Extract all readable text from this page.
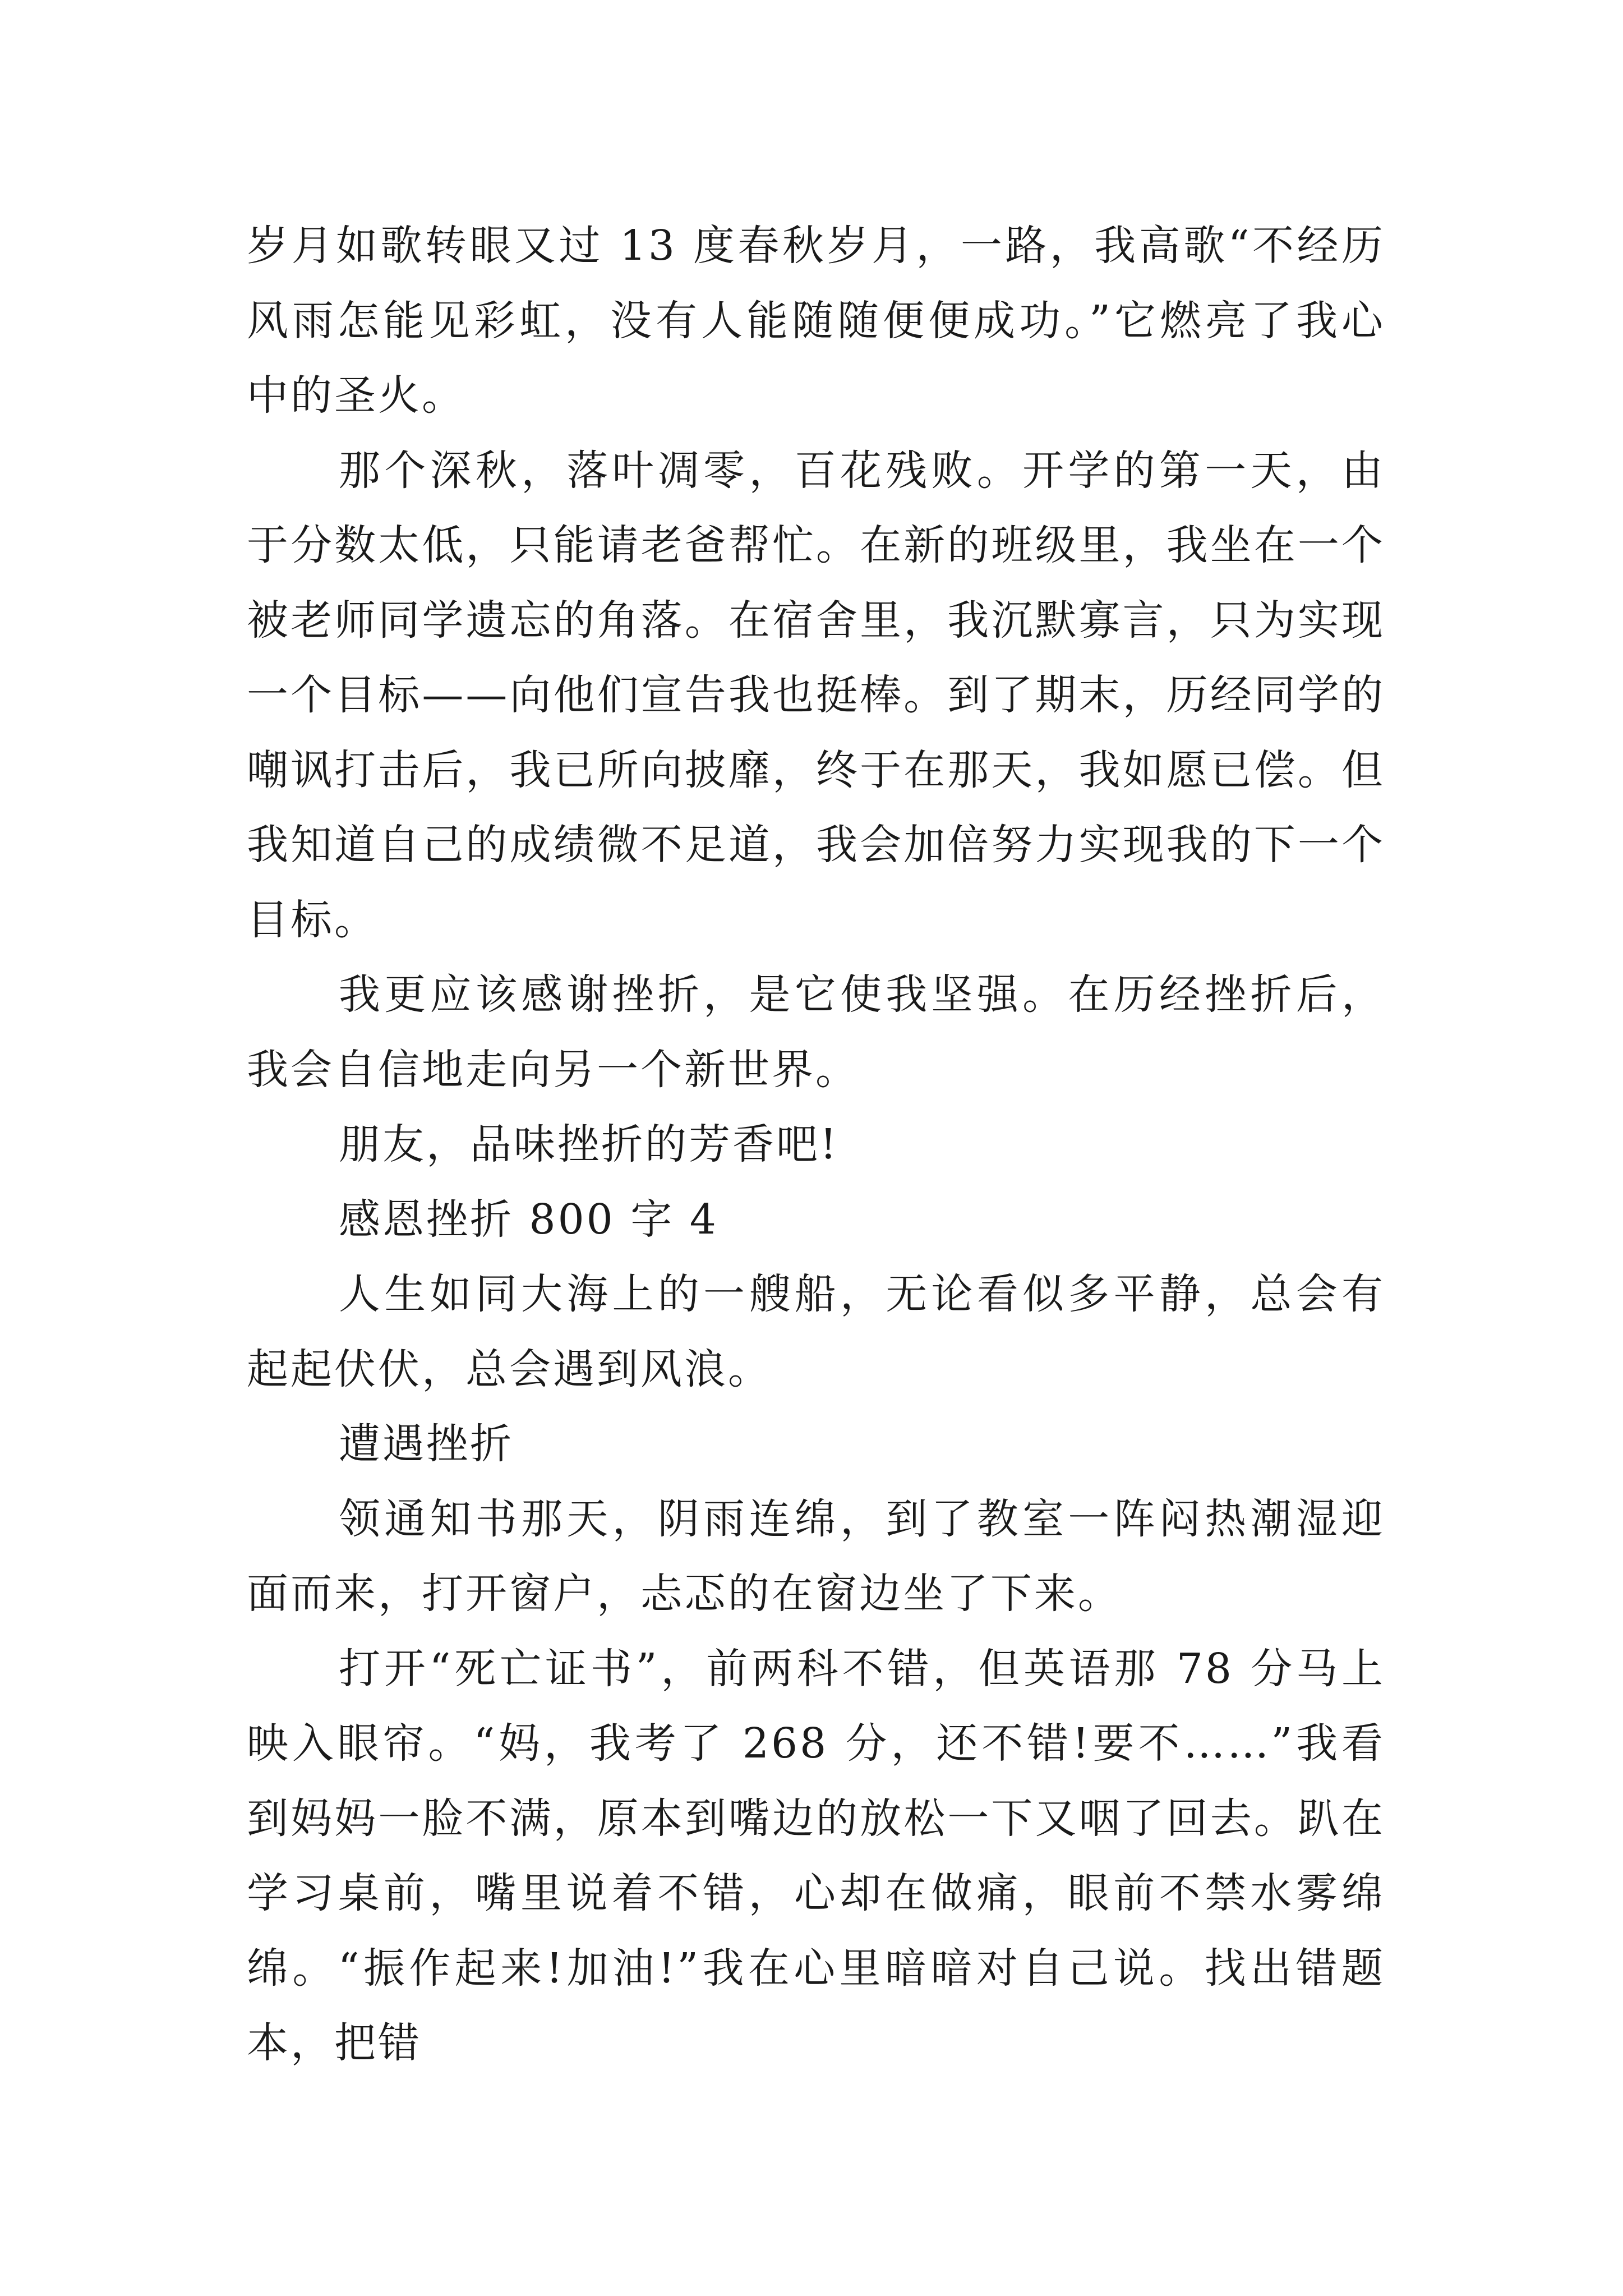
岁月如歌转眼又过 13 度春秋岁月，一路，我高歌“不经历风雨怎能见彩虹，没有人能随随便便成功。”它燃亮了我心中的圣火。

那个深秋，落叶凋零，百花残败。开学的第一天，由于分数太低，只能请老爸帮忙。在新的班级里，我坐在一个被老师同学遗忘的角落。在宿舍里，我沉默寡言，只为实现一个目标——向他们宣告我也挺棒。到了期末，历经同学的嘲讽打击后，我已所向披靡，终于在那天，我如愿已偿。但我知道自己的成绩微不足道，我会加倍努力实现我的下一个目标。

我更应该感谢挫折，是它使我坚强。在历经挫折后，我会自信地走向另一个新世界。

朋友，品味挫折的芳香吧!

感恩挫折 800 字 4

人生如同大海上的一艘船，无论看似多平静，总会有起起伏伏，总会遇到风浪。

遭遇挫折

领通知书那天，阴雨连绵，到了教室一阵闷热潮湿迎面而来，打开窗户，忐忑的在窗边坐了下来。

打开“死亡证书”，前两科不错，但英语那 78 分马上映入眼帘。“妈，我考了 268 分，还不错!要不……”我看到妈妈一脸不满，原本到嘴边的放松一下又咽了回去。趴在学习桌前，嘴里说着不错，心却在做痛，眼前不禁水雾绵绵。“振作起来!加油!”我在心里暗暗对自己说。找出错题本，把错
